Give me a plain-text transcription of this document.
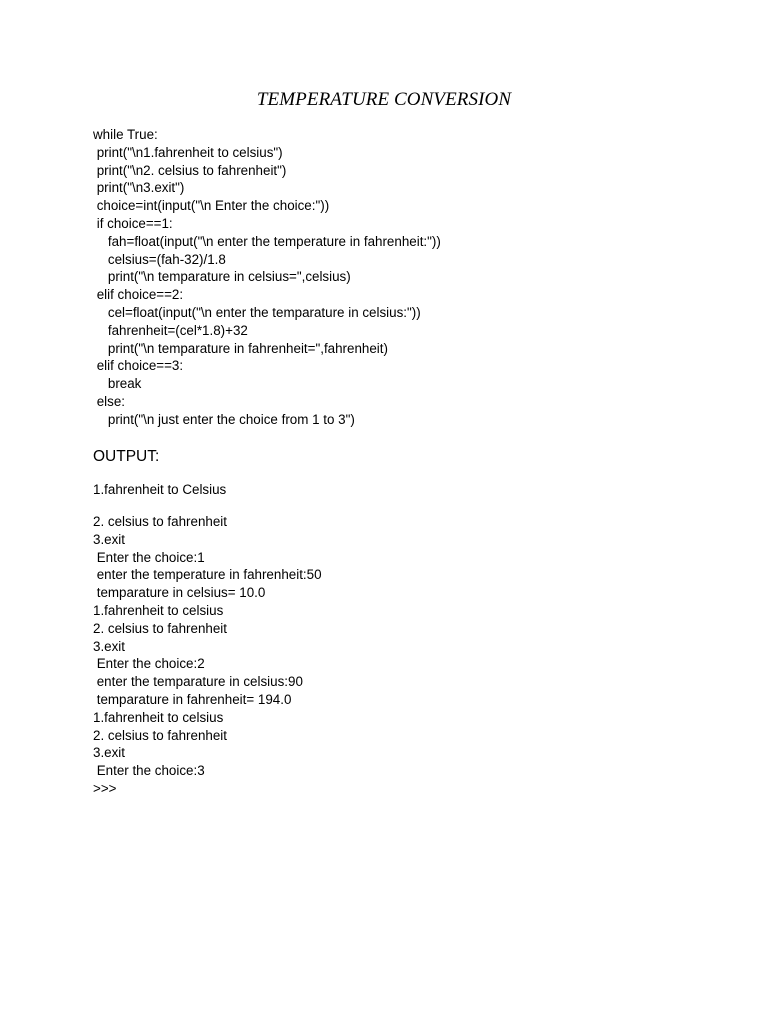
TEMPERATURE CONVERSION
while True:
print("\n1.fahrenheit to celsius")
print("\n2. celsius to fahrenheit")
print("\n3.exit")
choice=int(input("\n Enter the choice:"))
if choice==1:
fah=float(input("\n enter the temperature in fahrenheit:"))
celsius=(fah-32)/1.8
print("\n temparature in celsius=",celsius)
elif choice==2:
cel=float(input("\n enter the temparature in celsius:"))
fahrenheit=(cel*1.8)+32
print("\n temparature in fahrenheit=",fahrenheit)
elif choice==3:
break
else:
print("\n just enter the choice from 1 to 3")
OUTPUT:
1.fahrenheit to Celsius
2. celsius to fahrenheit
3.exit
Enter the choice:1
enter the temperature in fahrenheit:50
temparature in celsius= 10.0
1.fahrenheit to celsius
2. celsius to fahrenheit
3.exit
Enter the choice:2
enter the temparature in celsius:90
temparature in fahrenheit= 194.0
1.fahrenheit to celsius
2. celsius to fahrenheit
3.exit
Enter the choice:3
>>>
